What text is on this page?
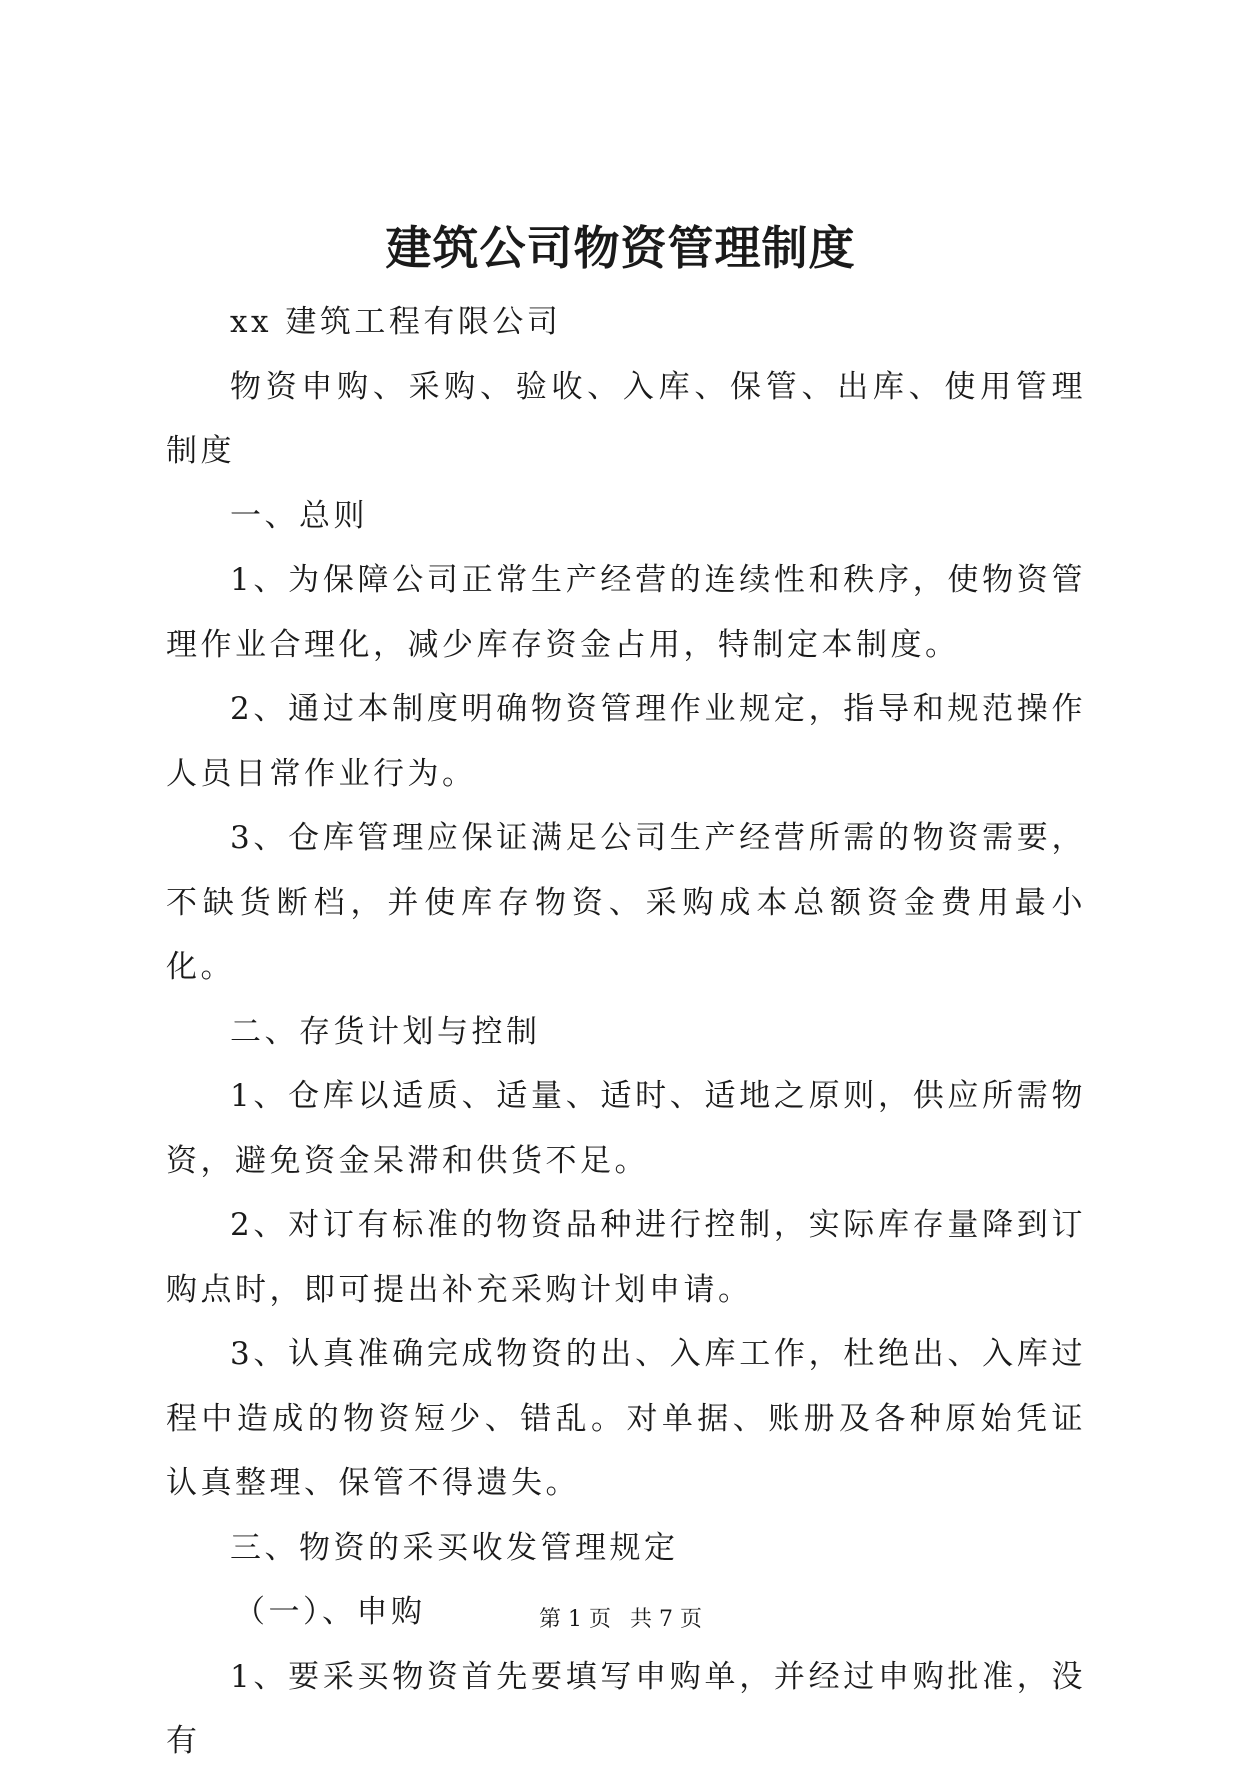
建筑公司物资管理制度

xx 建筑工程有限公司

物资申购、采购、验收、入库、保管、出库、使用管理制度

一、总则

1、为保障公司正常生产经营的连续性和秩序，使物资管理作业合理化，减少库存资金占用，特制定本制度。

2、通过本制度明确物资管理作业规定，指导和规范操作人员日常作业行为。

3、仓库管理应保证满足公司生产经营所需的物资需要，不缺货断档，并使库存物资、采购成本总额资金费用最小化。

二、存货计划与控制

1、仓库以适质、适量、适时、适地之原则，供应所需物资，避免资金呆滞和供货不足。

2、对订有标准的物资品种进行控制，实际库存量降到订购点时，即可提出补充采购计划申请。

3、认真准确完成物资的出、入库工作，杜绝出、入库过程中造成的物资短少、错乱。对单据、账册及各种原始凭证认真整理、保管不得遗失。

三、物资的采买收发管理规定

（一）、申购

1、要采买物资首先要填写申购单，并经过申购批准，没有

第 1 页 共 7 页
